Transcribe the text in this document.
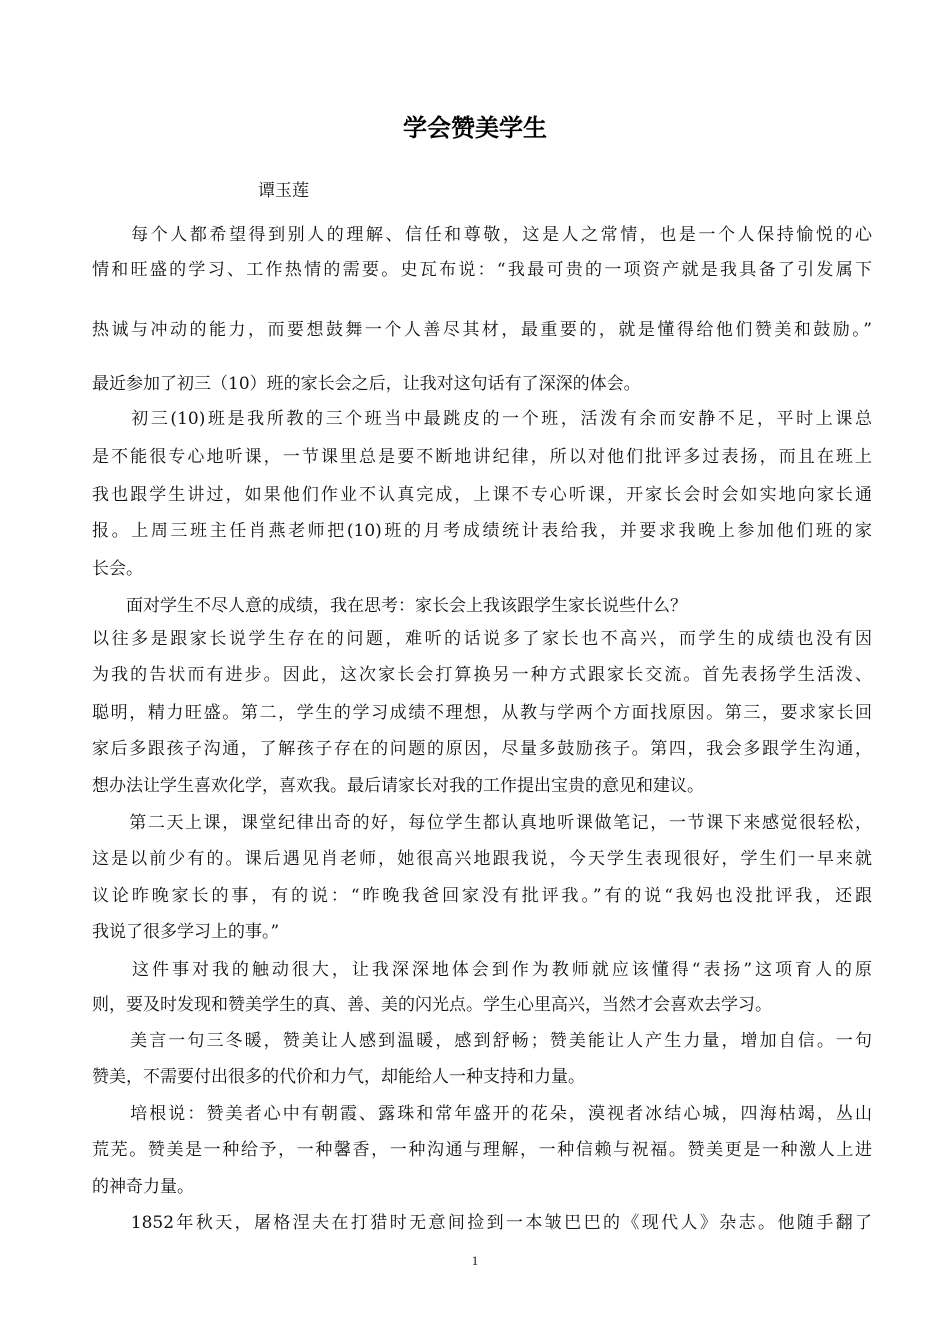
学会赞美学生
谭玉莲
　　每个人都希望得到别人的理解、信任和尊敬，这是人之常情，也是一个人保持愉悦的心
情和旺盛的学习、工作热情的需要。史瓦布说：“我最可贵的一项资产就是我具备了引发属下
热诚与冲动的能力，而要想鼓舞一个人善尽其材，最重要的，就是懂得给他们赞美和鼓励。”
最近参加了初三（10）班的家长会之后，让我对这句话有了深深的体会。
　　初三(10)班是我所教的三个班当中最跳皮的一个班，活泼有余而安静不足，平时上课总
是不能很专心地听课，一节课里总是要不断地讲纪律，所以对他们批评多过表扬，而且在班上
我也跟学生讲过，如果他们作业不认真完成，上课不专心听课，开家长会时会如实地向家长通
报。上周三班主任肖燕老师把(10)班的月考成绩统计表给我，并要求我晚上参加他们班的家
长会。
　　面对学生不尽人意的成绩，我在思考：家长会上我该跟学生家长说些什么？
以往多是跟家长说学生存在的问题，难听的话说多了家长也不高兴，而学生的成绩也没有因
为我的告状而有进步。因此，这次家长会打算换另一种方式跟家长交流。首先表扬学生活泼、
聪明，精力旺盛。第二，学生的学习成绩不理想，从教与学两个方面找原因。第三，要求家长回
家后多跟孩子沟通，了解孩子存在的问题的原因，尽量多鼓励孩子。第四，我会多跟学生沟通，
想办法让学生喜欢化学，喜欢我。最后请家长对我的工作提出宝贵的意见和建议。
　　第二天上课，课堂纪律出奇的好，每位学生都认真地听课做笔记，一节课下来感觉很轻松，
这是以前少有的。课后遇见肖老师，她很高兴地跟我说，今天学生表现很好，学生们一早来就
议论昨晚家长的事，有的说：“昨晚我爸回家没有批评我。”有的说“我妈也没批评我，还跟
我说了很多学习上的事。”
　　这件事对我的触动很大，让我深深地体会到作为教师就应该懂得“表扬”这项育人的原
则，要及时发现和赞美学生的真、善、美的闪光点。学生心里高兴，当然才会喜欢去学习。
　　美言一句三冬暖，赞美让人感到温暖，感到舒畅；赞美能让人产生力量，增加自信。一句
赞美，不需要付出很多的代价和力气，却能给人一种支持和力量。
　　培根说：赞美者心中有朝霞、露珠和常年盛开的花朵，漠视者冰结心城，四海枯竭，丛山
荒芜。赞美是一种给予，一种馨香，一种沟通与理解，一种信赖与祝福。赞美更是一种激人上进
的神奇力量。
　　1852年秋天，屠格涅夫在打猎时无意间捡到一本皱巴巴的《现代人》杂志。他随手翻了
1
